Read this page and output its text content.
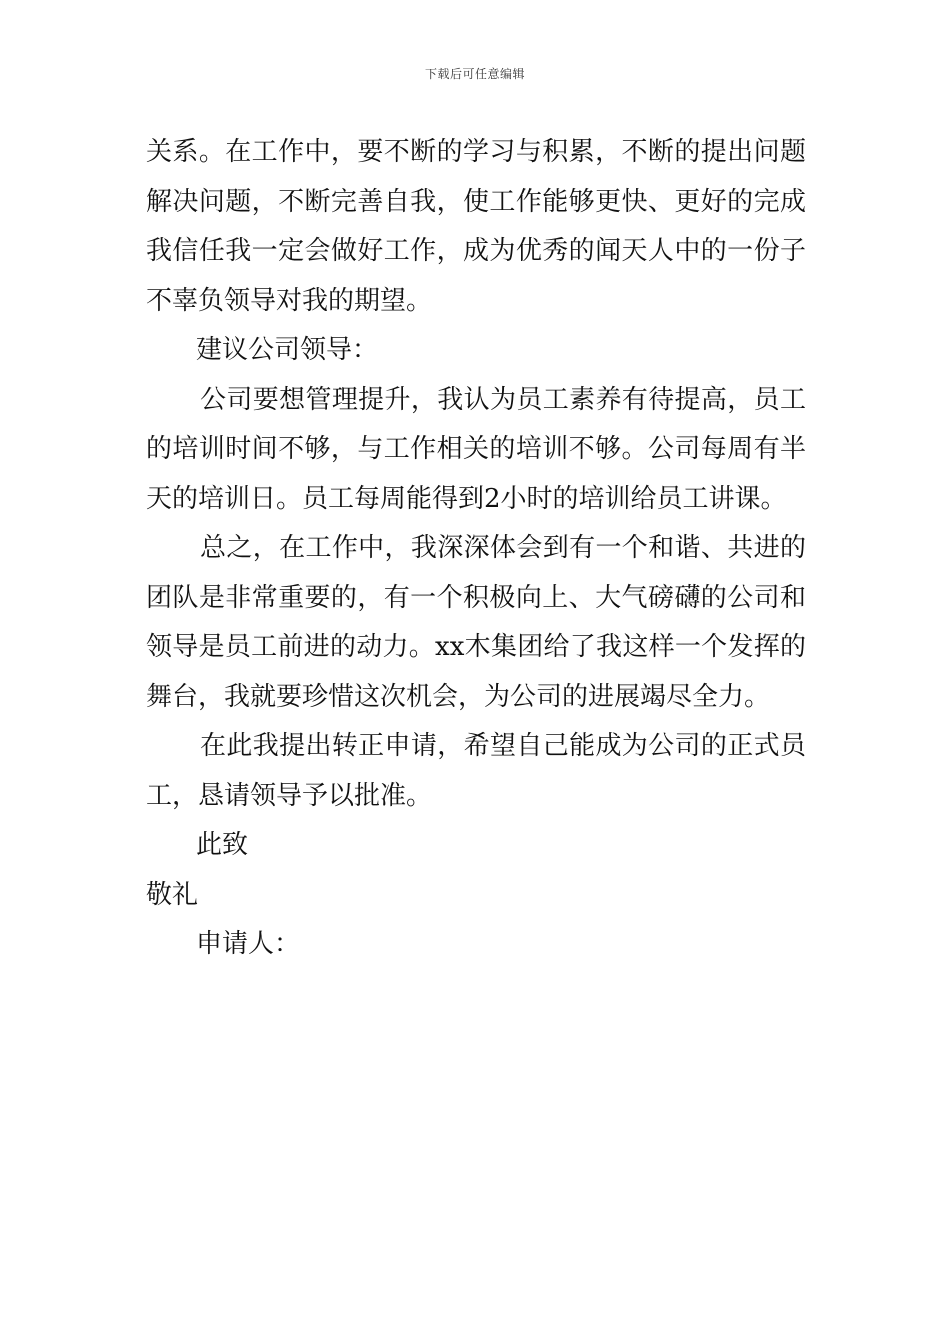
下载后可任意编辑
关系。在工作中，要不断的学习与积累，不断的提出问题
解决问题，不断完善自我，使工作能够更快、更好的完成
我信任我一定会做好工作，成为优秀的闻天人中的一份子
不辜负领导对我的期望。
建议公司领导：
公司要想管理提升，我认为员工素养有待提高，员工
的培训时间不够，与工作相关的培训不够。公司每周有半
天的培训日。员工每周能得到2小时的培训给员工讲课。
总之，在工作中，我深深体会到有一个和谐、共进的
团队是非常重要的，有一个积极向上、大气磅礴的公司和
领导是员工前进的动力。xx木集团给了我这样一个发挥的
舞台，我就要珍惜这次机会，为公司的进展竭尽全力。
在此我提出转正申请，希望自己能成为公司的正式员
工，恳请领导予以批准。
此致
敬礼
申请人：
